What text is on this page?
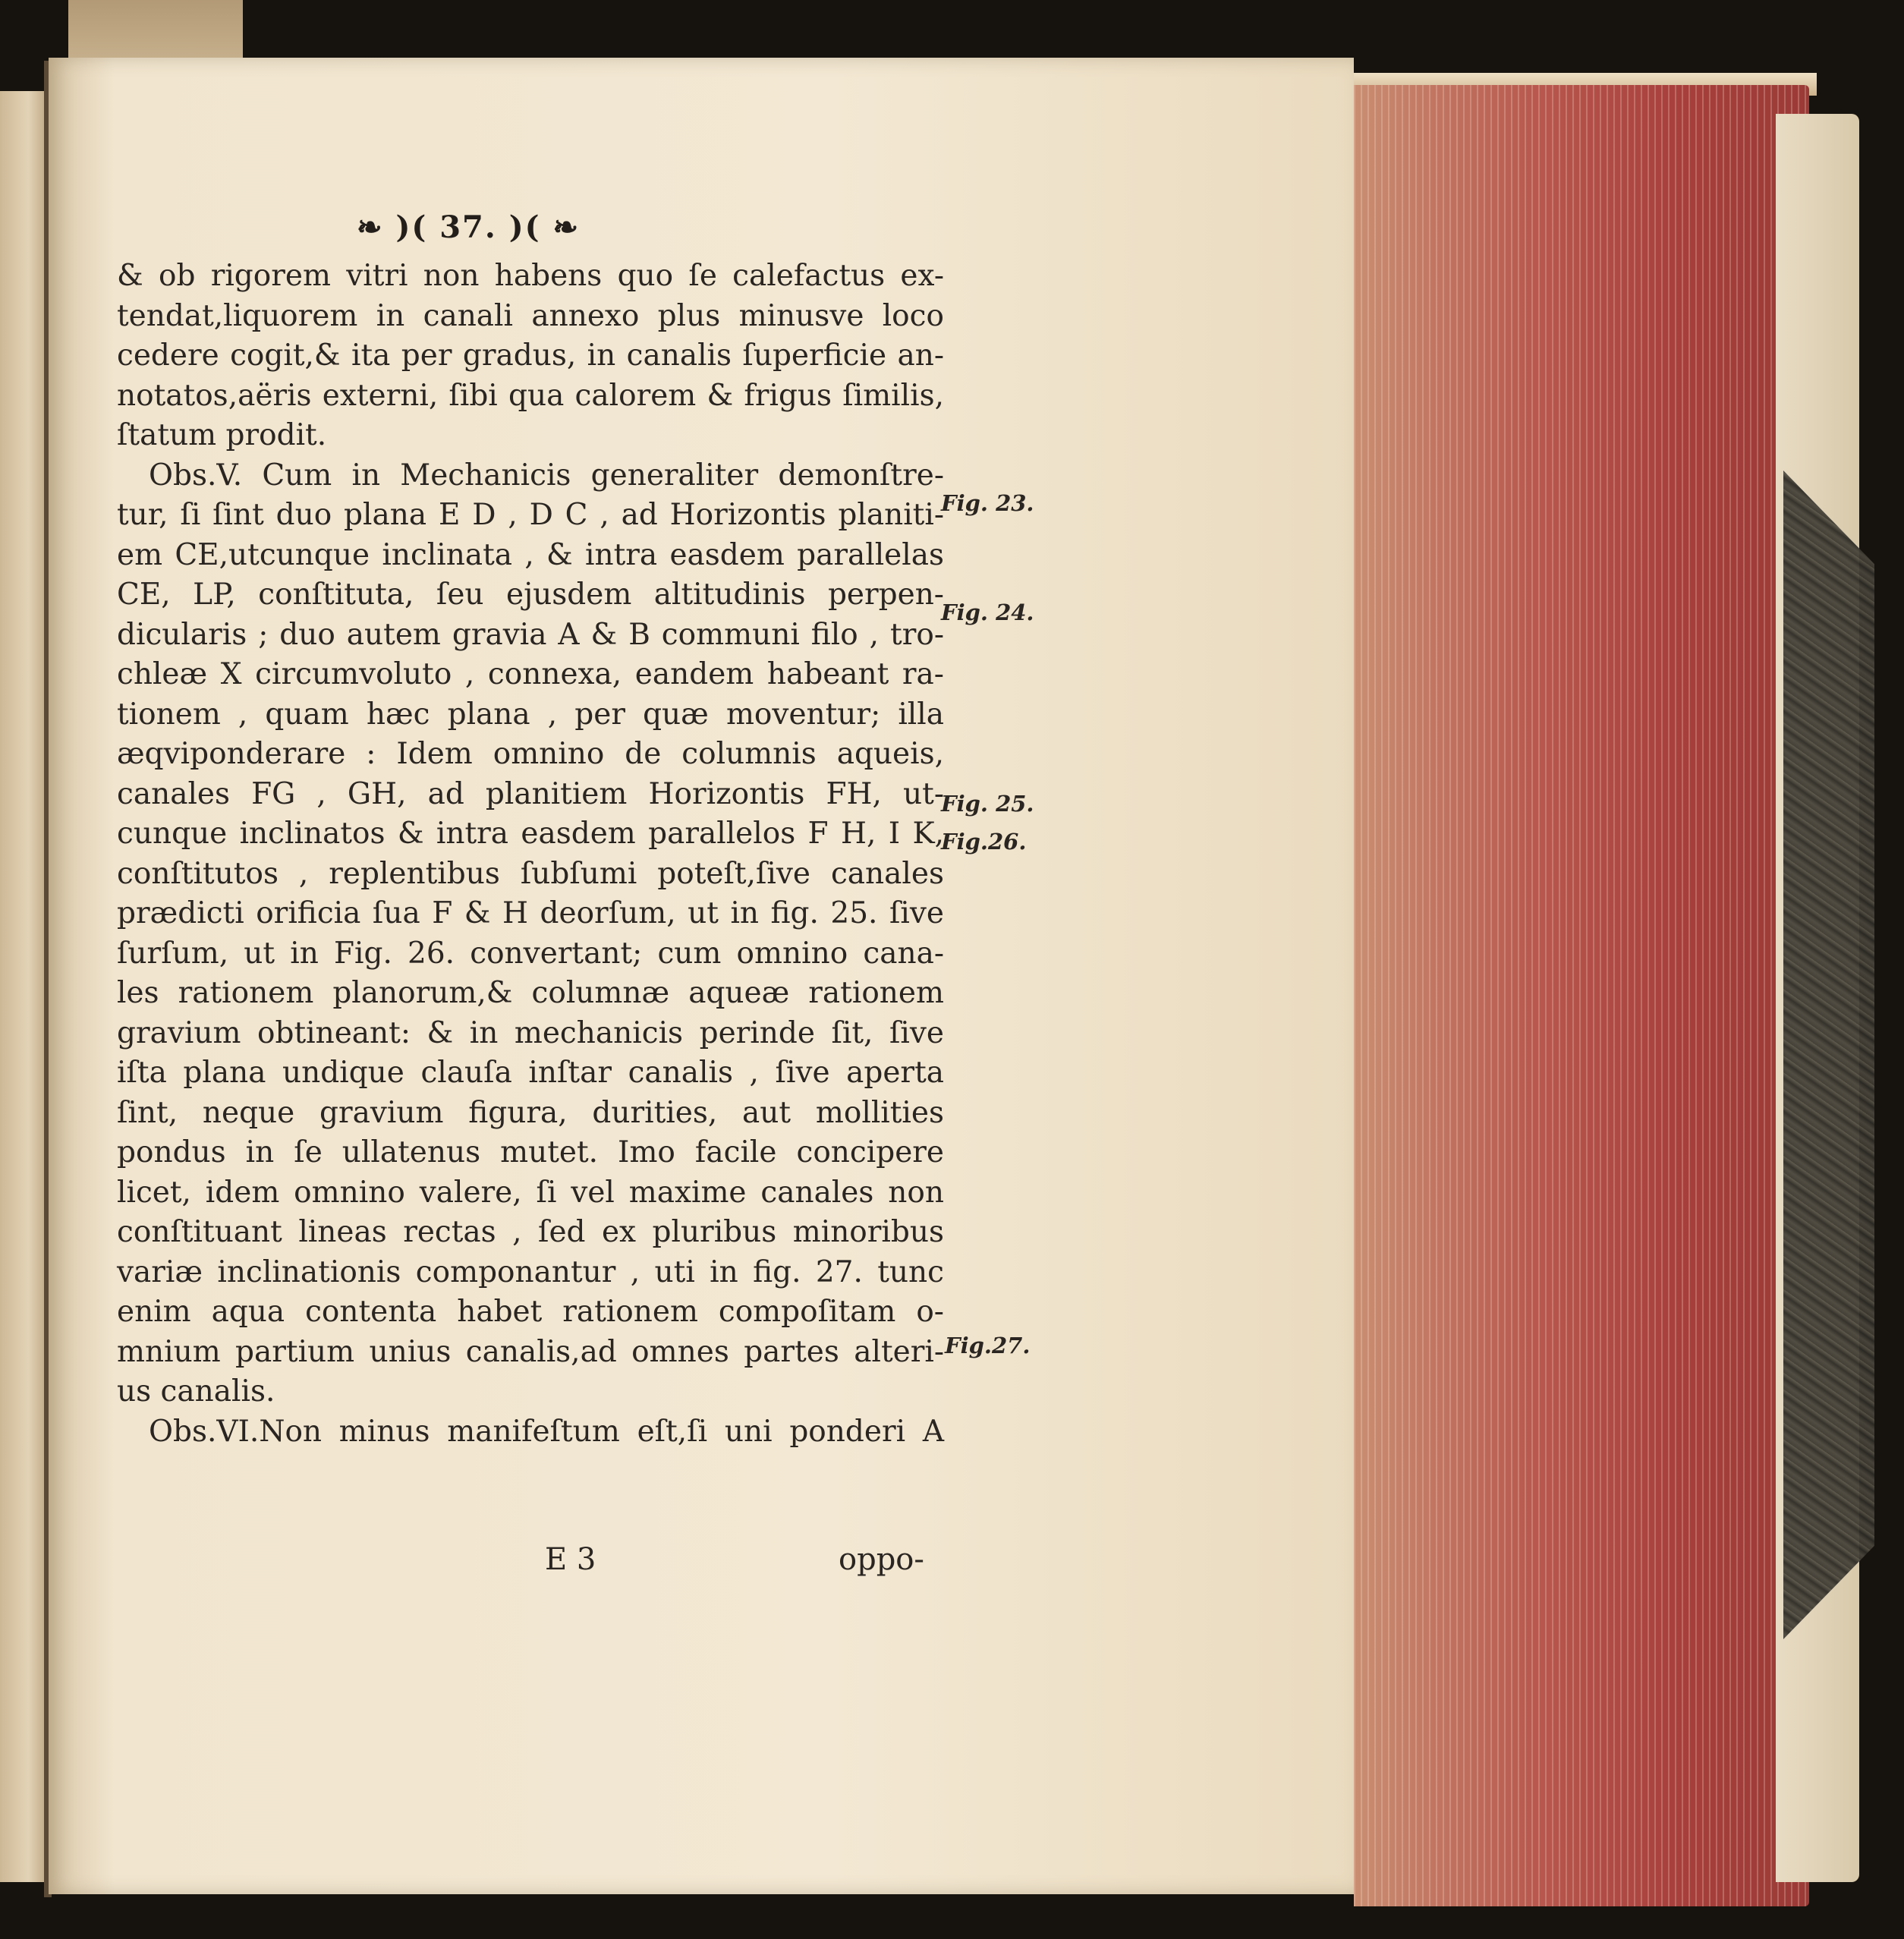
❧ )( 37. )( ❧
& ob rigorem vitri non habens quo ſe calefactus ex-
tendat,liquorem in canali annexo plus minusve loco
cedere cogit,& ita per gradus, in canalis ſuperficie an-
notatos,aëris externi, ſibi qua calorem & frigus ſimilis,
ſtatum prodit.
Obs.V. Cum in Mechanicis generaliter demonſtre-
tur, ſi ſint duo plana E D , D C , ad Horizontis planiti-
em CE,utcunque inclinata , & intra easdem parallelas
CE, LP, conſtituta, ſeu ejusdem altitudinis perpen-
dicularis ; duo autem gravia A & B communi filo , tro-
chleæ X circumvoluto , connexa, eandem habeant ra-
tionem , quam hæc plana , per quæ moventur; illa
æqviponderare : Idem omnino de columnis aqueis,
canales FG , GH, ad planitiem Horizontis FH, ut-
cunque inclinatos & intra easdem parallelos F H, I K,
conſtitutos , replentibus ſubſumi poteſt,ſive canales
prædicti orificia ſua F & H deorſum, ut in fig. 25. ſive
ſurſum, ut in Fig. 26. convertant; cum omnino cana-
les rationem planorum,& columnæ aqueæ rationem
gravium obtineant: & in mechanicis perinde ſit, ſive
iſta plana undique clauſa inſtar canalis , ſive aperta
ſint, neque gravium figura, durities, aut mollities
pondus in ſe ullatenus mutet. Imo facile concipere
licet, idem omnino valere, ſi vel maxime canales non
conſtituant lineas rectas , ſed ex pluribus minoribus
variæ inclinationis componantur , uti in fig. 27. tunc
enim aqua contenta habet rationem compoſitam o-
mnium partium unius canalis,ad omnes partes alteri-
us canalis.
Obs.VI.Non minus manifeſtum eſt,ſi uni ponderi A
Fig. 23.
Fig. 24.
Fig. 25.
Fig.26.
Fig.27.
E 3	oppo-
